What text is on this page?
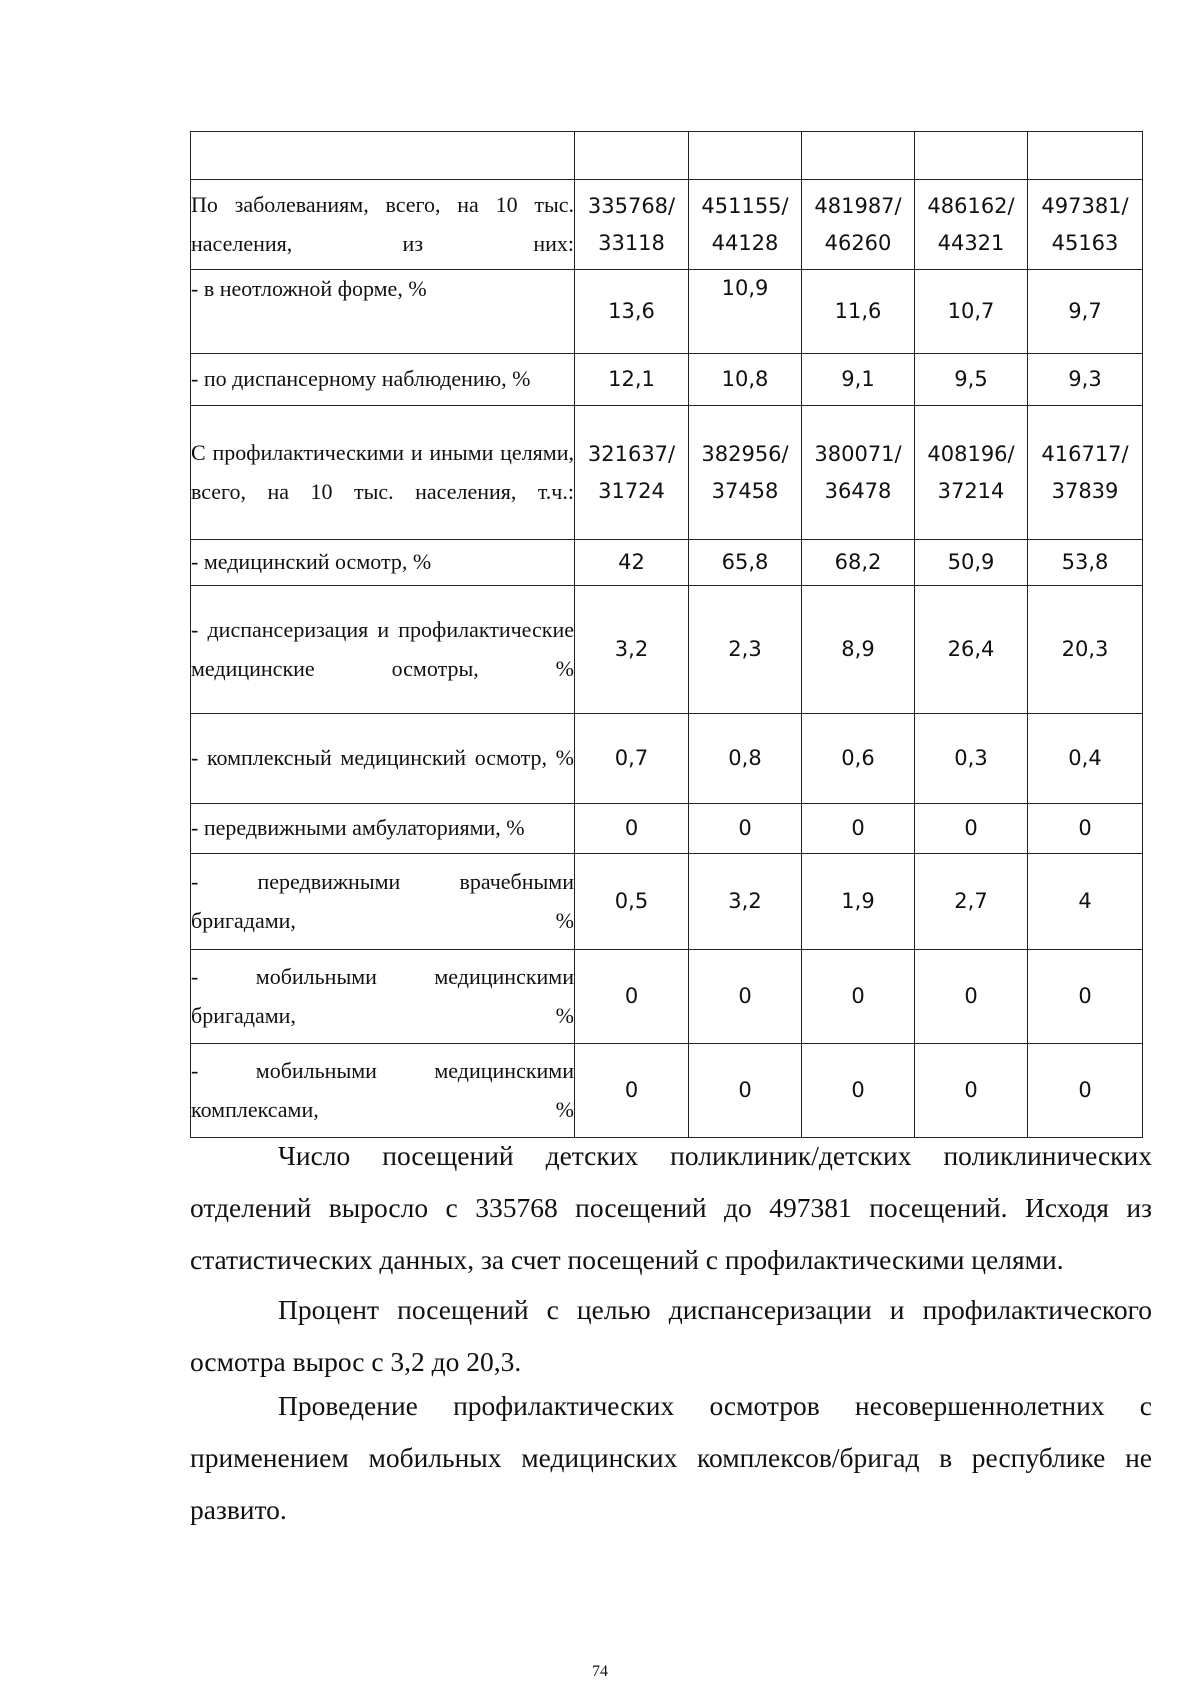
По заболеваниям, всего, на 10 тыс. населения, из них:	335768/ 33118	451155/ 44128	481987/ 46260	486162/ 44321	497381/ 45163
- в неотложной форме, %	13,6	10,9	11,6	10,7	9,7
- по диспансерному наблюдению, %	12,1	10,8	9,1	9,5	9,3
С профилактическими и иными целями, всего, на 10 тыс. населения, т.ч.:	321637/ 31724	382956/ 37458	380071/ 36478	408196/ 37214	416717/ 37839
- медицинский осмотр, %	42	65,8	68,2	50,9	53,8
- диспансеризация и профилактические медицинские осмотры, %	3,2	2,3	8,9	26,4	20,3
- комплексный медицинский осмотр, %	0,7	0,8	0,6	0,3	0,4
- передвижными амбулаториями, %	0	0	0	0	0
- передвижными врачебными бригадами, %	0,5	3,2	1,9	2,7	4
- мобильными медицинскими бригадами, %	0	0	0	0	0
- мобильными медицинскими комплексами, %	0	0	0	0	0

Число посещений детских поликлиник/детских поликлинических отделений выросло с 335768 посещений до 497381 посещений. Исходя из статистических данных, за счет посещений с профилактическими целями.

Процент посещений с целью диспансеризации и профилактического осмотра вырос с 3,2 до 20,3.

Проведение профилактических осмотров несовершеннолетних с применением мобильных медицинских комплексов/бригад в республике не развито.

74
